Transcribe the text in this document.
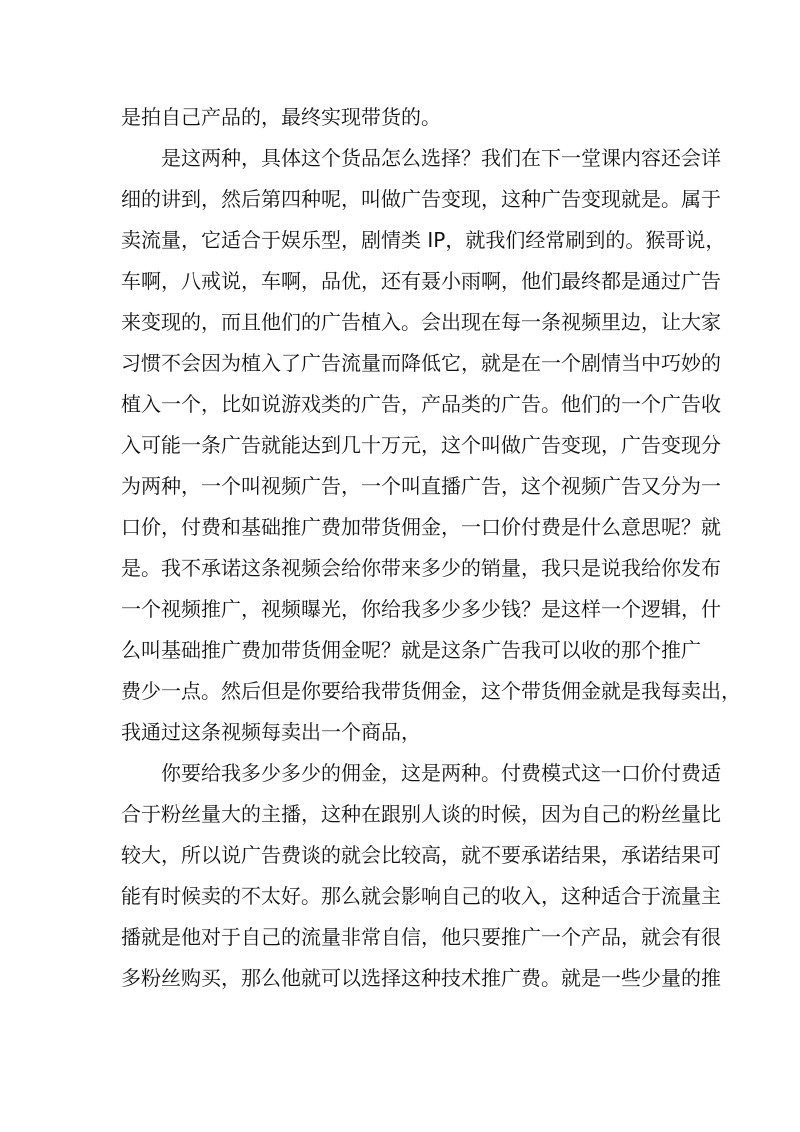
是拍自己产品的，最终实现带货的。
是这两种，具体这个货品怎么选择？我们在下一堂课内容还会详
细的讲到，然后第四种呢，叫做广告变现，这种广告变现就是。属于
卖流量，它适合于娱乐型，剧情类 IP，就我们经常刷到的。猴哥说，
车啊，八戒说，车啊，品优，还有聂小雨啊，他们最终都是通过广告
来变现的，而且他们的广告植入。会出现在每一条视频里边，让大家
习惯不会因为植入了广告流量而降低它，就是在一个剧情当中巧妙的
植入一个，比如说游戏类的广告，产品类的广告。他们的一个广告收
入可能一条广告就能达到几十万元，这个叫做广告变现，广告变现分
为两种，一个叫视频广告，一个叫直播广告，这个视频广告又分为一
口价，付费和基础推广费加带货佣金，一口价付费是什么意思呢？就
是。我不承诺这条视频会给你带来多少的销量，我只是说我给你发布
一个视频推广，视频曝光，你给我多少多少钱？是这样一个逻辑，什
么叫基础推广费加带货佣金呢？就是这条广告我可以收的那个推广
费少一点。然后但是你要给我带货佣金，这个带货佣金就是我每卖出，
我通过这条视频每卖出一个商品，
你要给我多少多少的佣金，这是两种。付费模式这一口价付费适
合于粉丝量大的主播，这种在跟别人谈的时候，因为自己的粉丝量比
较大，所以说广告费谈的就会比较高，就不要承诺结果，承诺结果可
能有时候卖的不太好。那么就会影响自己的收入，这种适合于流量主
播就是他对于自己的流量非常自信，他只要推广一个产品，就会有很
多粉丝购买，那么他就可以选择这种技术推广费。就是一些少量的推
